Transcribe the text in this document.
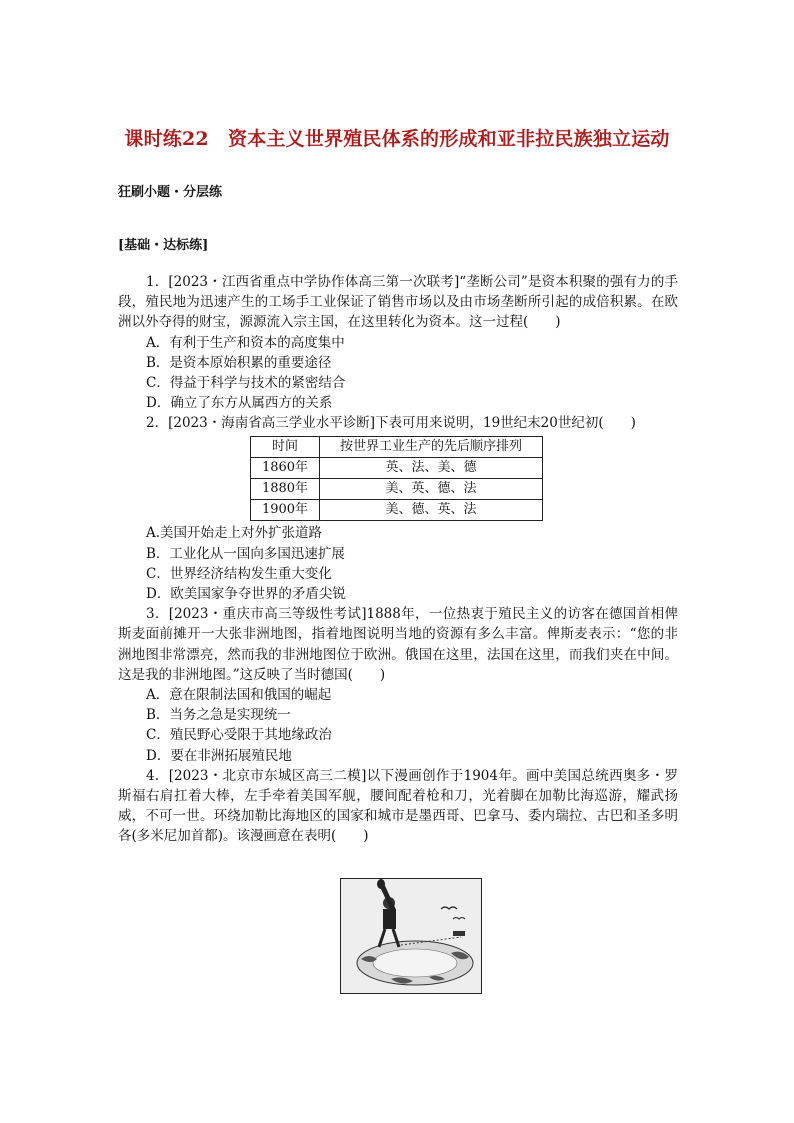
课时练22　资本主义世界殖民体系的形成和亚非拉民族独立运动
狂刷小题・分层练
[基础・达标练]

1．[2023・江西省重点中学协作体高三第一次联考]“垄断公司”是资本积聚的强有力的手段，殖民地为迅速产生的工场手工业保证了销售市场以及由市场垄断所引起的成倍积累。在欧洲以外夺得的财宝，源源流入宗主国，在这里转化为资本。这一过程(　　)

A．有利于生产和资本的高度集中

B．是资本原始积累的重要途径

C．得益于科学与技术的紧密结合

D．确立了东方从属西方的关系

2．[2023・海南省高三学业水平诊断]下表可用来说明，19世纪末20世纪初(　　)

时间	按世界工业生产的先后顺序排列
1860年	英、法、美、德
1880年	美、英、德、法
1900年	美、德、英、法

A.美国开始走上对外扩张道路

B．工业化从一国向多国迅速扩展

C．世界经济结构发生重大变化

D．欧美国家争夺世界的矛盾尖锐

3．[2023・重庆市高三等级性考试]1888年，一位热衷于殖民主义的访客在德国首相俾斯麦面前摊开一大张非洲地图，指着地图说明当地的资源有多么丰富。俾斯麦表示：“您的非洲地图非常漂亮，然而我的非洲地图位于欧洲。俄国在这里，法国在这里，而我们夹在中间。这是我的非洲地图。”这反映了当时德国(　　)

A．意在限制法国和俄国的崛起

B．当务之急是实现统一

C．殖民野心受限于其地缘政治

D．要在非洲拓展殖民地

4．[2023・北京市东城区高三二模]以下漫画创作于1904年。画中美国总统西奥多・罗斯福右肩扛着大棒，左手牵着美国军舰，腰间配着枪和刀，光着脚在加勒比海巡游，耀武扬威，不可一世。环绕加勒比海地区的国家和城市是墨西哥、巴拿马、委内瑞拉、古巴和圣多明各(多米尼加首都)。该漫画意在表明(　　)
